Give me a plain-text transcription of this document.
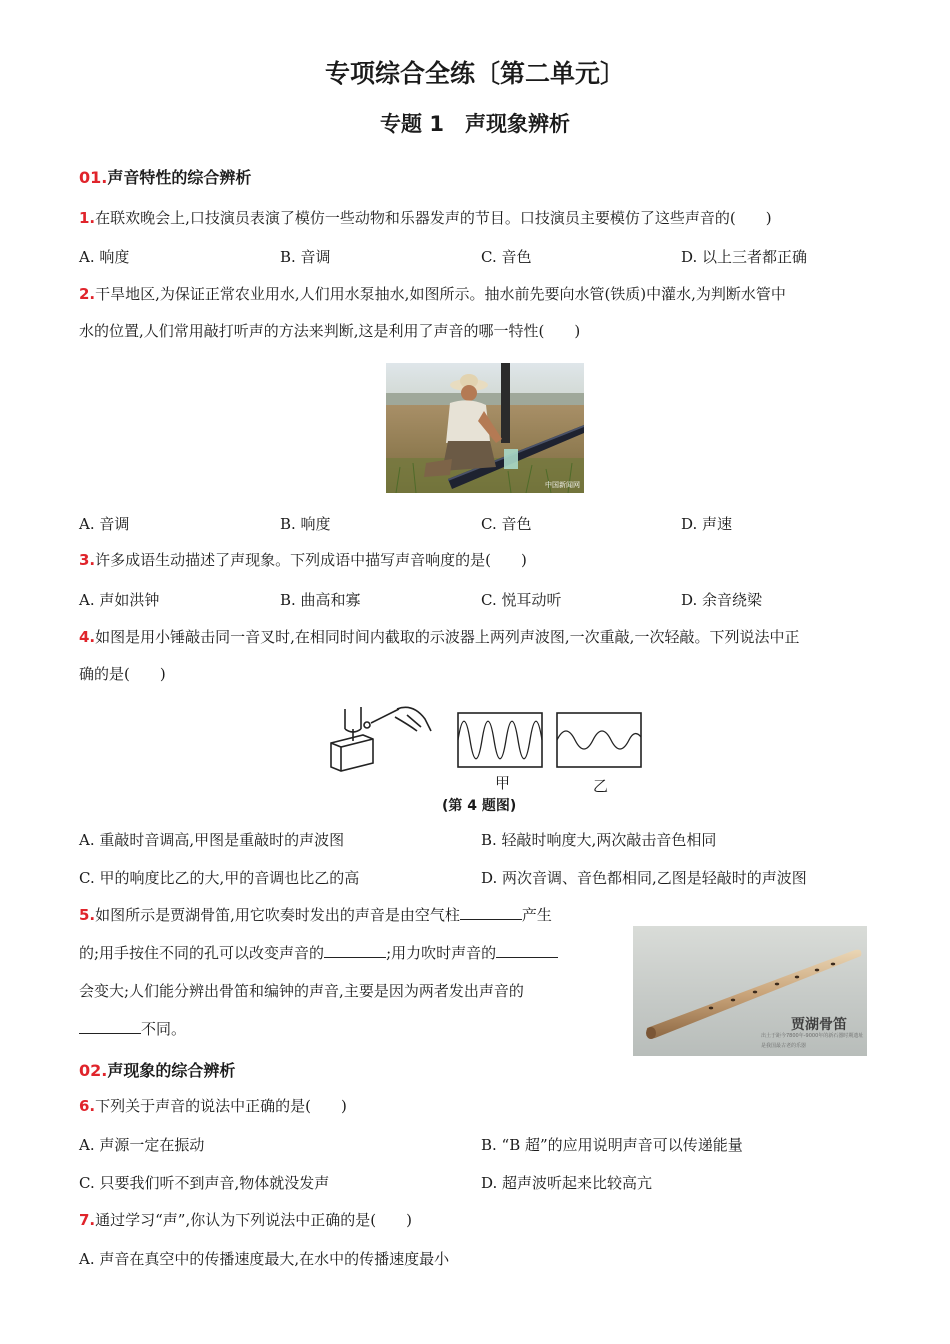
专项综合全练〔第二单元〕
专题 1　声现象辨析
01.声音特性的综合辨析
1.在联欢晚会上,口技演员表演了模仿一些动物和乐器发声的节目。口技演员主要模仿了这些声音的(　　)
A. 响度	B. 音调	C. 音色	D. 以上三者都正确
2.干旱地区,为保证正常农业用水,人们用水泵抽水,如图所示。抽水前先要向水管(铁质)中灌水,为判断水管中
水的位置,人们常用敲打听声的方法来判断,这是利用了声音的哪一特性(　　)
中国新闻网
A. 音调	B. 响度	C. 音色	D. 声速
3.许多成语生动描述了声现象。下列成语中描写声音响度的是(　　)
A. 声如洪钟	B. 曲高和寡	C. 悦耳动听	D. 余音绕梁
4.如图是用小锤敲击同一音叉时,在相同时间内截取的示波器上两列声波图,一次重敲,一次轻敲。下列说法中正
确的是(　　)
甲	乙
(第 4 题图)
A. 重敲时音调高,甲图是重敲时的声波图	B. 轻敲时响度大,两次敲击音色相同
C. 甲的响度比乙的大,甲的音调也比乙的高	D. 两次音调、音色都相同,乙图是轻敲时的声波图
5.如图所示是贾湖骨笛,用它吹奏时发出的声音是由空气柱	产生
的;用手按住不同的孔可以改变声音的	;用力吹时声音的
会变大;人们能分辨出骨笛和编钟的声音,主要是因为两者发出声音的
不同。	贾湖骨笛
出土于距今7800年-9000年的新石器时期遗址
是我国最古老的乐器
02.声现象的综合辨析
6.下列关于声音的说法中正确的是(　　)
A. 声源一定在振动	B. “B 超”的应用说明声音可以传递能量
C. 只要我们听不到声音,物体就没发声	D. 超声波听起来比较高亢
7.通过学习“声”,你认为下列说法中正确的是(　　)
A. 声音在真空中的传播速度最大,在水中的传播速度最小
